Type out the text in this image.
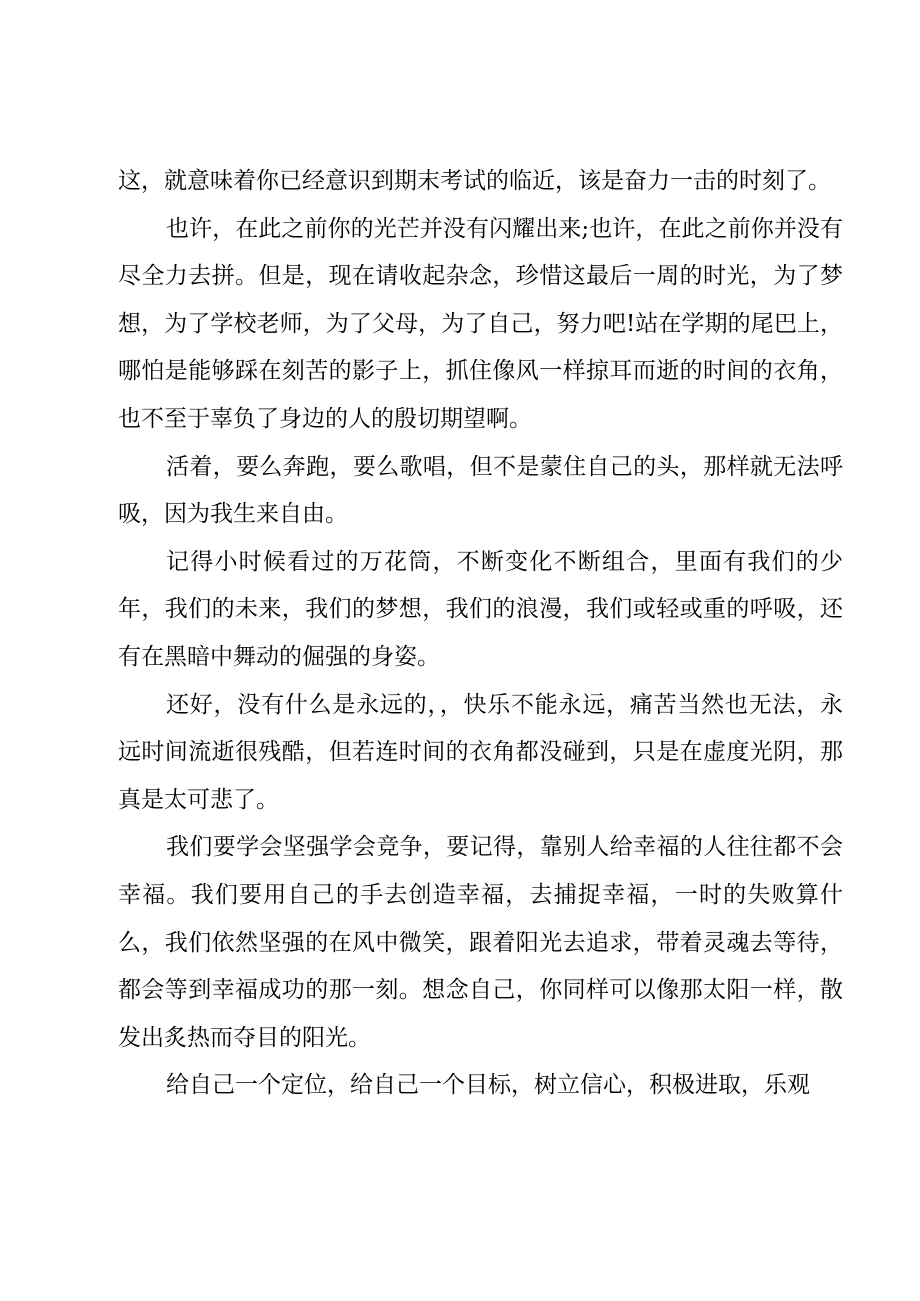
这，就意味着你已经意识到期末考试的临近，该是奋力一击的时刻了。

也许，在此之前你的光芒并没有闪耀出来;也许，在此之前你并没有尽全力去拼。但是，现在请收起杂念，珍惜这最后一周的时光，为了梦想，为了学校老师，为了父母，为了自己，努力吧!站在学期的尾巴上，哪怕是能够踩在刻苦的影子上，抓住像风一样掠耳而逝的时间的衣角，也不至于辜负了身边的人的殷切期望啊。

活着，要么奔跑，要么歌唱，但不是蒙住自己的头，那样就无法呼吸，因为我生来自由。

记得小时候看过的万花筒，不断变化不断组合，里面有我们的少年，我们的未来，我们的梦想，我们的浪漫，我们或轻或重的呼吸，还有在黑暗中舞动的倔强的身姿。

还好，没有什么是永远的，，快乐不能永远，痛苦当然也无法，永远时间流逝很残酷，但若连时间的衣角都没碰到，只是在虚度光阴，那真是太可悲了。

我们要学会坚强学会竞争，要记得，靠别人给幸福的人往往都不会幸福。我们要用自己的手去创造幸福，去捕捉幸福，一时的失败算什么，我们依然坚强的在风中微笑，跟着阳光去追求，带着灵魂去等待，都会等到幸福成功的那一刻。想念自己，你同样可以像那太阳一样，散发出炙热而夺目的阳光。

给自己一个定位，给自己一个目标，树立信心，积极进取，乐观
